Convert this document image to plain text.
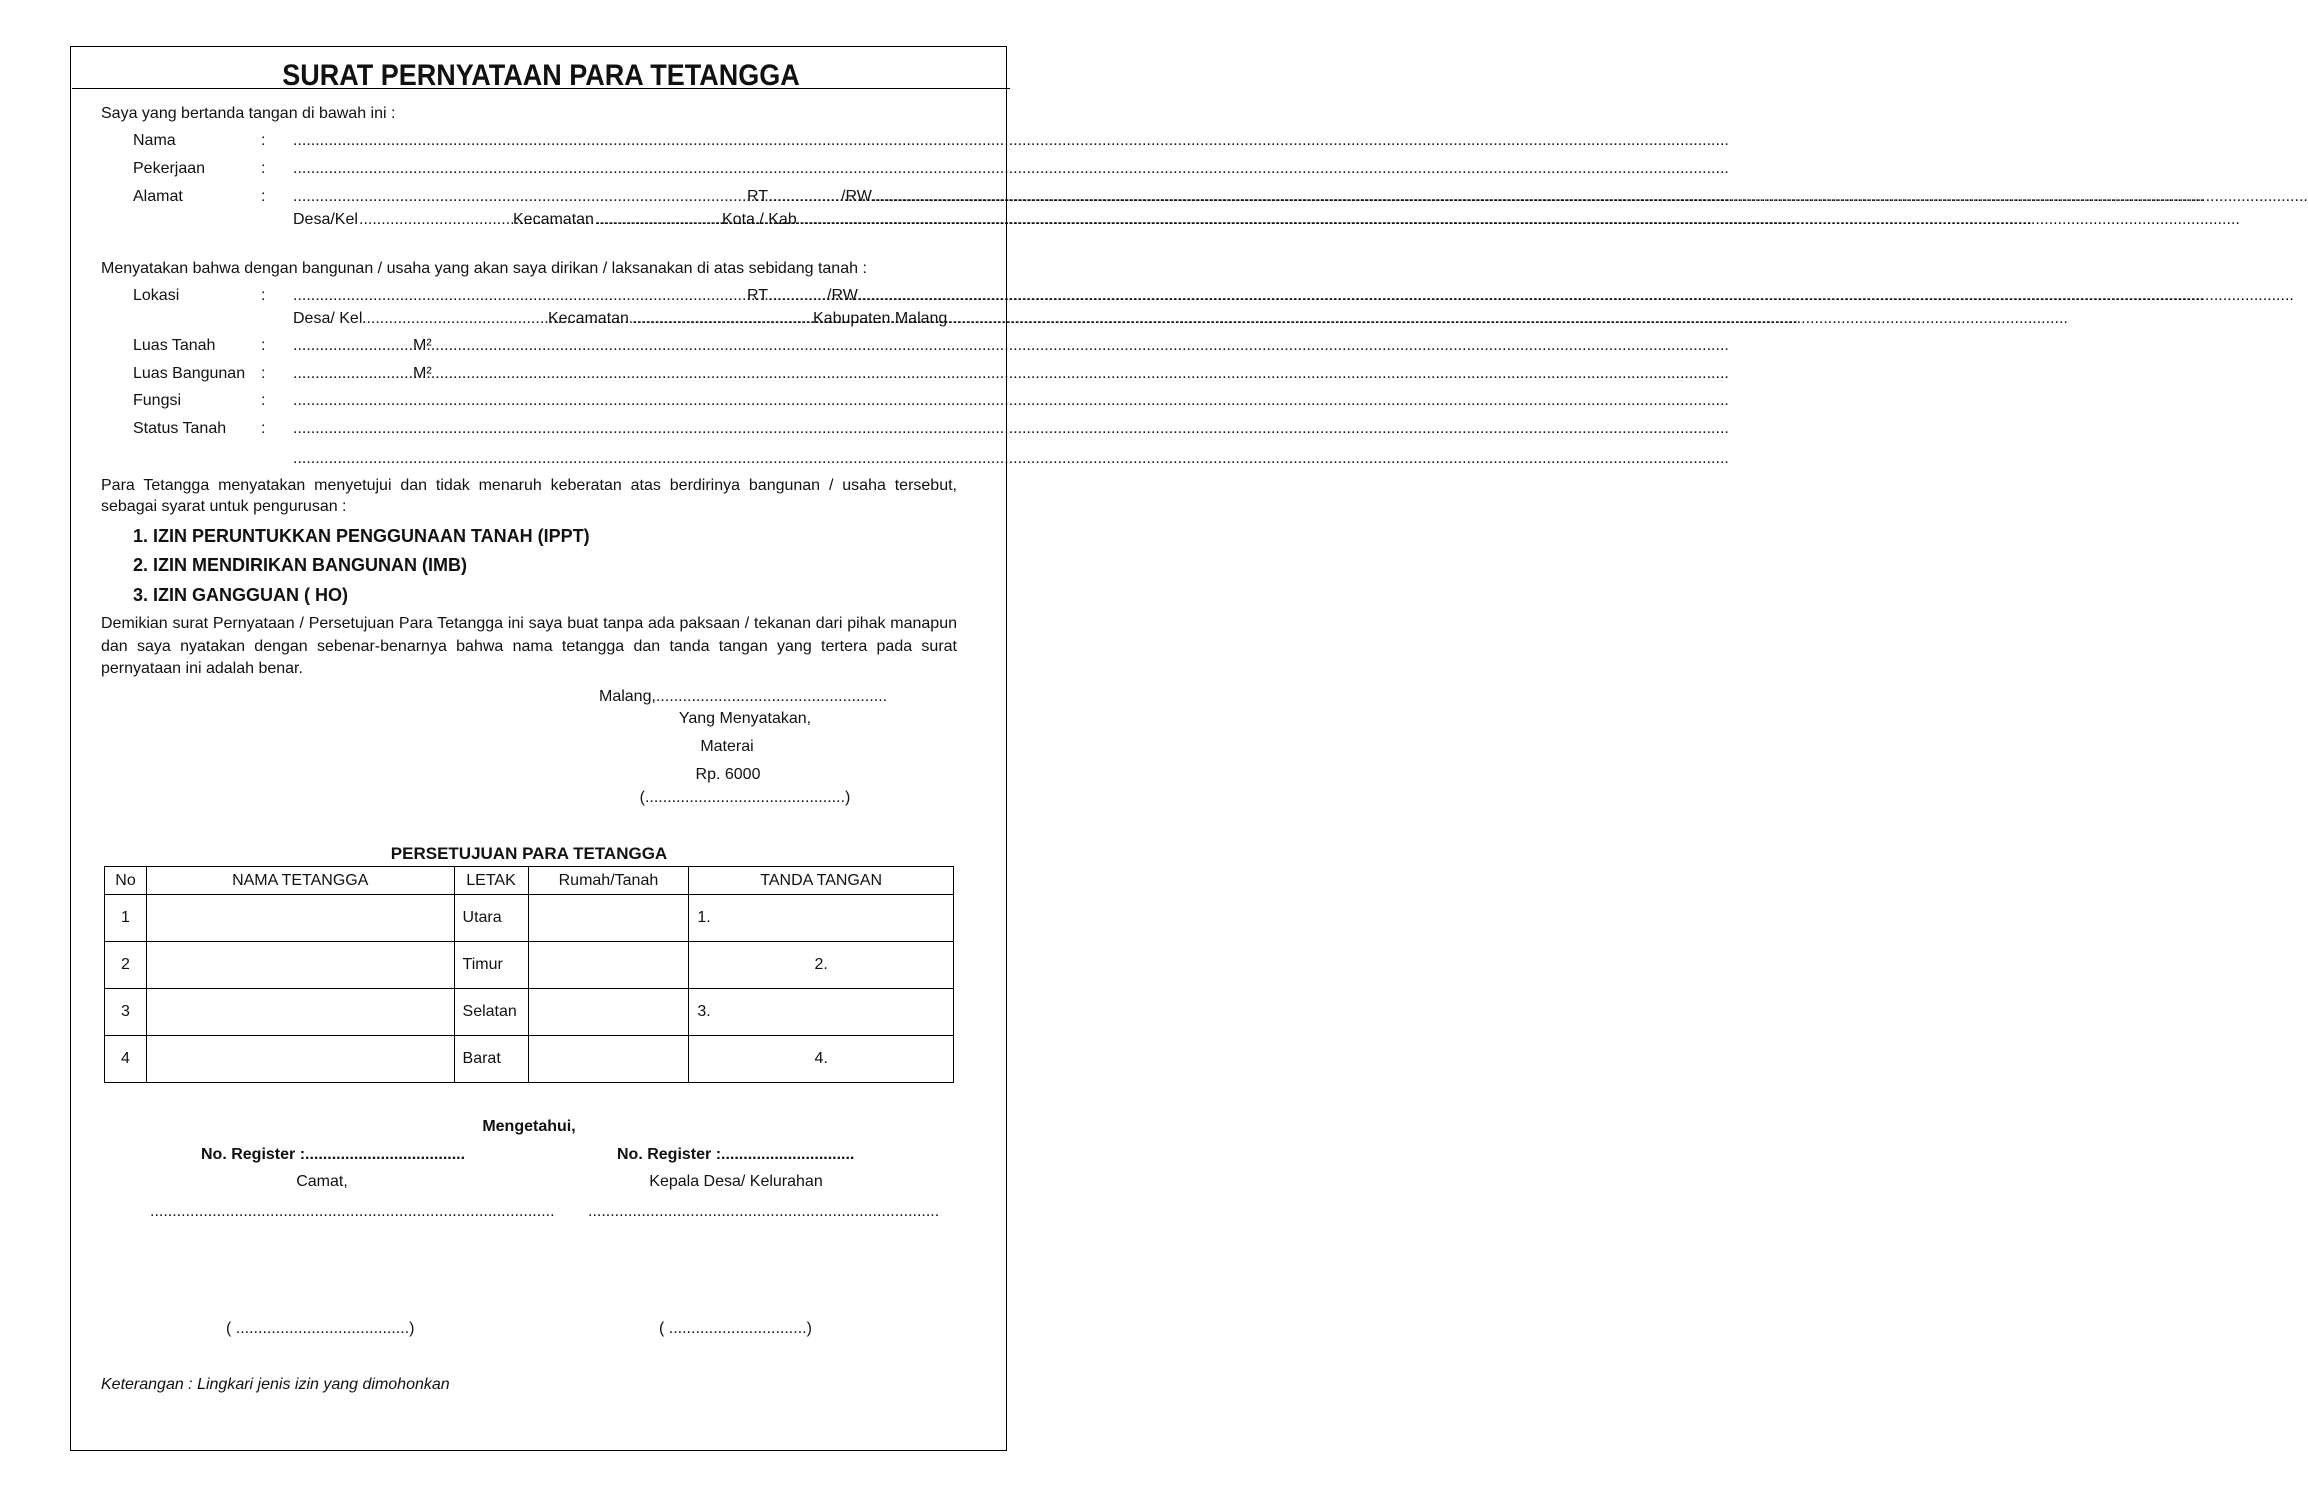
SURAT PERNYATAAN PARA TETANGGA
Saya yang bertanda tangan di bawah ini :
Nama	:
.....
Pekerjaan	:
.....
Alamat	: .....	RT .....	/RW
.....
Desa/Kel .....	Kecamatan .....	Kota / Kab
.....
Menyatakan bahwa dengan bangunan / usaha yang akan saya dirikan / laksanakan di atas sebidang tanah :
Lokasi	: .....	RT .....	/RW
.....
Desa/ Kel .....	Kecamatan .....	Kabupaten Malang
Luas Tanah	: .....	M²
Luas Bangunan : .....	M²
Fungsi	:
.....
Status Tanah :
.....
.....
Para Tetangga menyatakan menyetujui dan tidak menaruh keberatan atas berdirinya bangunan / usaha tersebut,
sebagai syarat untuk pengurusan :
1. IZIN PERUNTUKKAN PENGGUNAAN TANAH (IPPT)
2. IZIN MENDIRIKAN BANGUNAN (IMB)
3. IZIN GANGGUAN ( HO)
Demikian surat Pernyataan / Persetujuan Para Tetangga ini saya buat tanpa ada paksaan / tekanan dari pihak manapun
dan saya nyatakan dengan sebenar-benarnya bahwa nama tetangga dan tanda tangan yang tertera pada surat
pernyataan ini adalah benar.
Malang,....................................................
Yang Menyatakan,
Materai
Rp. 6000
(.............................................)
PERSETUJUAN PARA TETANGGA
No	NAMA TETANGGA	LETAK	Rumah/Tanah	TANDA TANGAN
1		Utara		1.
2		Timur		2.
3		Selatan		3.
4		Barat		4.
Mengetahui,
No. Register :....................................	No. Register :..............................
Camat,	Kepala Desa/ Kelurahan
........................................................................................... ...............................................................................
( .......................................)	( ...............................)
Keterangan : Lingkari jenis izin yang dimohonkan
